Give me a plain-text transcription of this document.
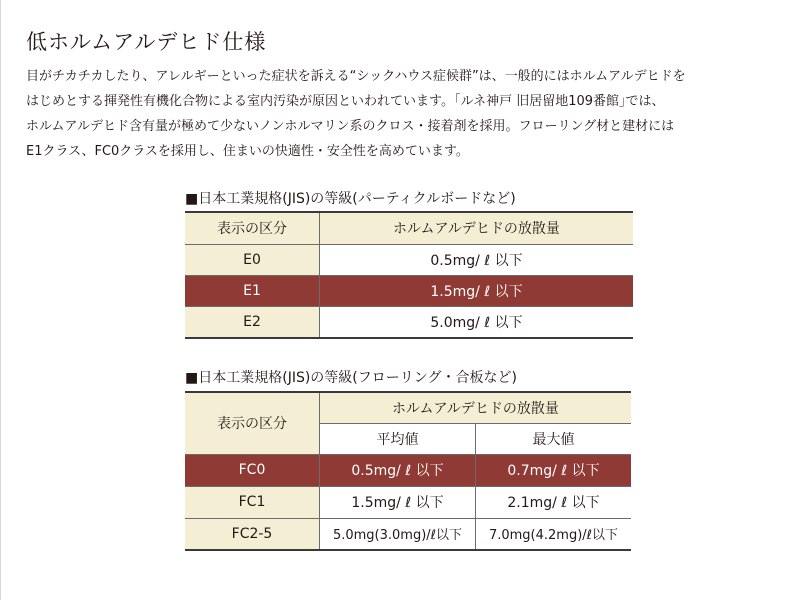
低ホルムアルデヒド仕様

目がチカチカしたり、アレルギーといった症状を訴える“シックハウス症候群”は、一般的にはホルムアルデヒドを

はじめとする揮発性有機化合物による室内汚染が原因といわれています。｢ルネ神戸 旧居留地109番館｣では、

ホルムアルデヒド含有量が極めて少ないノンホルマリン系のクロス・接着剤を採用。フローリング材と建材には

E1クラス、FC0クラスを採用し、住まいの快適性・安全性を高めています。

■日本工業規格(JIS)の等級(パーティクルボードなど)
表示の区分	ホルムアルデヒドの放散量
E0	0.5mg/ ℓ 以下
E1	1.5mg/ ℓ 以下
E2	5.0mg/ ℓ 以下
■日本工業規格(JIS)の等級(フローリング・合板など)
表示の区分	ホルムアルデヒドの放散量	
	平均値	最大値
FC0	0.5mg/ ℓ 以下	0.7mg/ ℓ 以下
FC1	1.5mg/ ℓ 以下	2.1mg/ ℓ 以下
FC2-5	5.0mg(3.0mg)/ℓ以下	7.0mg(4.2mg)/ℓ以下
